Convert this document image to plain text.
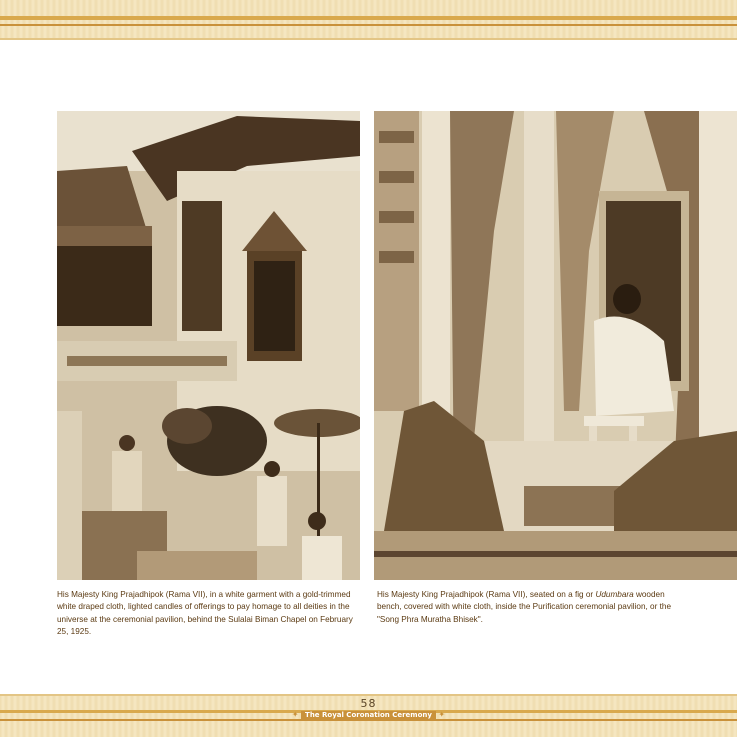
His Majesty King Prajadhipok (Rama VII), in a white garment with a gold-trimmed white draped cloth, lighted candles of offerings to pay homage to all deities in the universe at the ceremonial pavilion, behind the Sulalai Biman Chapel on February 25, 1925.
His Majesty King Prajadhipok (Rama VII), seated on a fig or Udumbara wooden bench, covered with white cloth, inside the Purification ceremonial pavilion, or the "Song Phra Muratha Bhisek".
58
✦ The Royal Coronation Ceremony ✦
